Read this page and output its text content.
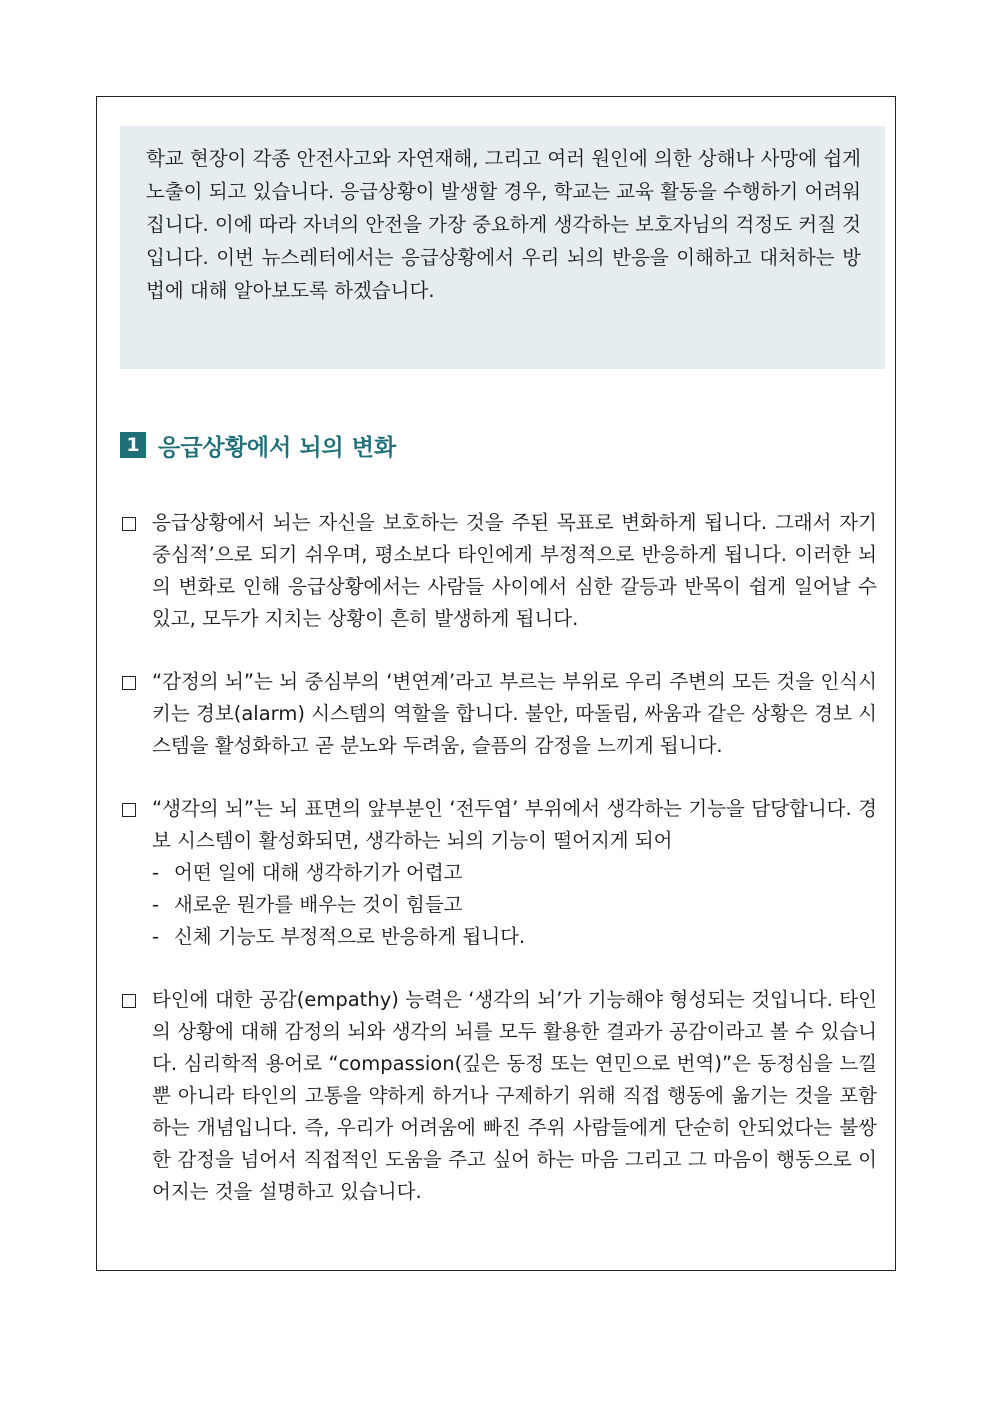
학교 현장이 각종 안전사고와 자연재해, 그리고 여러 원인에 의한 상해나 사망에 쉽게 노출이 되고 있습니다. 응급상황이 발생할 경우, 학교는 교육 활동을 수행하기 어려워집니다. 이에 따라 자녀의 안전을 가장 중요하게 생각하는 보호자님의 걱정도 커질 것입니다. 이번 뉴스레터에서는 응급상황에서 우리 뇌의 반응을 이해하고 대처하는 방법에 대해 알아보도록 하겠습니다.

1 응급상황에서 뇌의 변화

응급상황에서 뇌는 자신을 보호하는 것을 주된 목표로 변화하게 됩니다. 그래서 자기중심적’으로 되기 쉬우며, 평소보다 타인에게 부정적으로 반응하게 됩니다. 이러한 뇌의 변화로 인해 응급상황에서는 사람들 사이에서 심한 갈등과 반목이 쉽게 일어날 수 있고, 모두가 지치는 상황이 흔히 발생하게 됩니다.

“감정의 뇌”는 뇌 중심부의 ‘변연계’라고 부르는 부위로 우리 주변의 모든 것을 인식시키는 경보(alarm) 시스템의 역할을 합니다. 불안, 따돌림, 싸움과 같은 상황은 경보 시스템을 활성화하고 곧 분노와 두려움, 슬픔의 감정을 느끼게 됩니다.

“생각의 뇌”는 뇌 표면의 앞부분인 ‘전두엽’ 부위에서 생각하는 기능을 담당합니다. 경보 시스템이 활성화되면, 생각하는 뇌의 기능이 떨어지게 되어

- 어떤 일에 대해 생각하기가 어렵고
- 새로운 뭔가를 배우는 것이 힘들고
- 신체 기능도 부정적으로 반응하게 됩니다.

타인에 대한 공감(empathy) 능력은 ‘생각의 뇌’가 기능해야 형성되는 것입니다. 타인의 상황에 대해 감정의 뇌와 생각의 뇌를 모두 활용한 결과가 공감이라고 볼 수 있습니다. 심리학적 용어로 “compassion(깊은 동정 또는 연민으로 번역)”은 동정심을 느낄 뿐 아니라 타인의 고통을 약하게 하거나 구제하기 위해 직접 행동에 옮기는 것을 포함하는 개념입니다. 즉, 우리가 어려움에 빠진 주위 사람들에게 단순히 안되었다는 불쌍한 감정을 넘어서 직접적인 도움을 주고 싶어 하는 마음 그리고 그 마음이 행동으로 이어지는 것을 설명하고 있습니다.
